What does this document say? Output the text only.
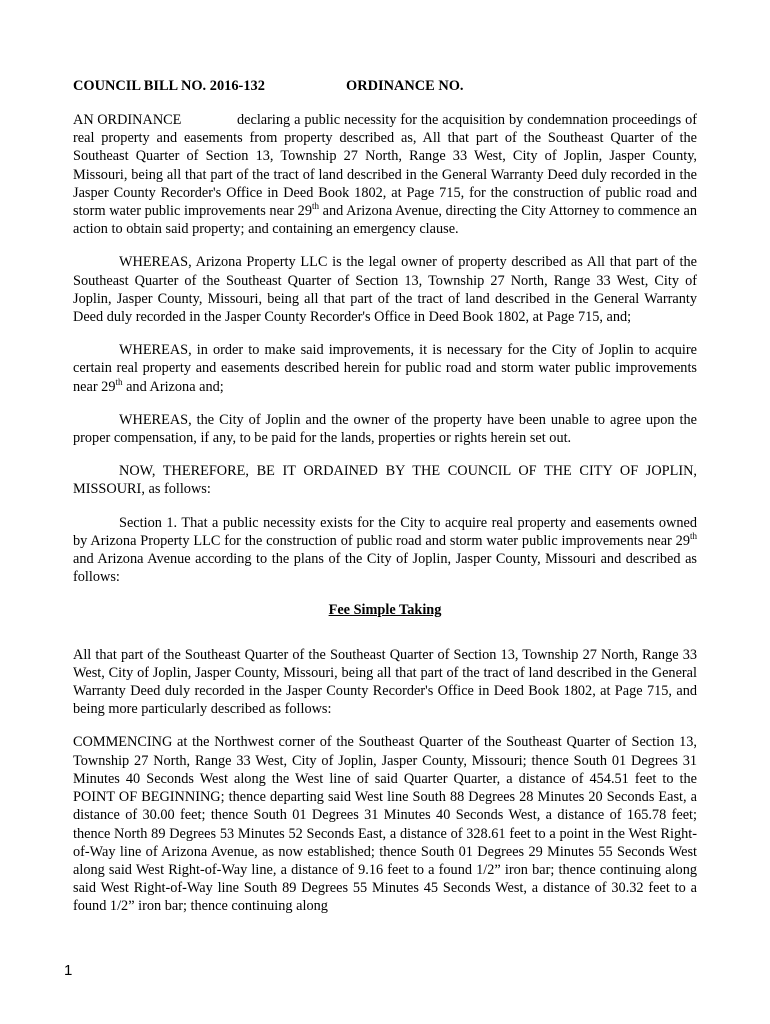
COUNCIL BILL NO. 2016-132	ORDINANCE NO.

AN ORDINANCE	declaring a public necessity for the acquisition by condemnation proceedings of real property and easements from property described as, All that part of the Southeast Quarter of the Southeast Quarter of Section 13, Township 27 North, Range 33 West, City of Joplin, Jasper County, Missouri, being all that part of the tract of land described in the General Warranty Deed duly recorded in the Jasper County Recorder's Office in Deed Book 1802, at Page 715, for the construction of public road and storm water public improvements near 29th and Arizona Avenue, directing the City Attorney to commence an action to obtain said property; and containing an emergency clause.

WHEREAS, Arizona Property LLC is the legal owner of property described as All that part of the Southeast Quarter of the Southeast Quarter of Section 13, Township 27 North, Range 33 West, City of Joplin, Jasper County, Missouri, being all that part of the tract of land described in the General Warranty Deed duly recorded in the Jasper County Recorder's Office in Deed Book 1802, at Page 715, and;

WHEREAS, in order to make said improvements, it is necessary for the City of Joplin to acquire certain real property and easements described herein for public road and storm water public improvements near 29th and Arizona and;

WHEREAS, the City of Joplin and the owner of the property have been unable to agree upon the proper compensation, if any, to be paid for the lands, properties or rights herein set out.

NOW, THEREFORE, BE IT ORDAINED BY THE COUNCIL OF THE CITY OF JOPLIN, MISSOURI, as follows:

Section 1. That a public necessity exists for the City to acquire real property and easements owned by Arizona Property LLC for the construction of public road and storm water public improvements near 29th and Arizona Avenue according to the plans of the City of Joplin, Jasper County, Missouri and described as follows:

Fee Simple Taking

All that part of the Southeast Quarter of the Southeast Quarter of Section 13, Township 27 North, Range 33 West, City of Joplin, Jasper County, Missouri, being all that part of the tract of land described in the General Warranty Deed duly recorded in the Jasper County Recorder's Office in Deed Book 1802, at Page 715, and being more particularly described as follows:

COMMENCING at the Northwest corner of the Southeast Quarter of the Southeast Quarter of Section 13, Township 27 North, Range 33 West, City of Joplin, Jasper County, Missouri; thence South 01 Degrees 31 Minutes 40 Seconds West along the West line of said Quarter Quarter, a distance of 454.51 feet to the POINT OF BEGINNING; thence departing said West line South 88 Degrees 28 Minutes 20 Seconds East, a distance of 30.00 feet; thence South 01 Degrees 31 Minutes 40 Seconds West, a distance of 165.78 feet; thence North 89 Degrees 53 Minutes 52 Seconds East, a distance of 328.61 feet to a point in the West Right-of-Way line of Arizona Avenue, as now established; thence South 01 Degrees 29 Minutes 55 Seconds West along said West Right-of-Way line, a distance of 9.16 feet to a found 1/2” iron bar; thence continuing along said West Right-of-Way line South 89 Degrees 55 Minutes 45 Seconds West, a distance of 30.32 feet to a found 1/2” iron bar; thence continuing along

1
